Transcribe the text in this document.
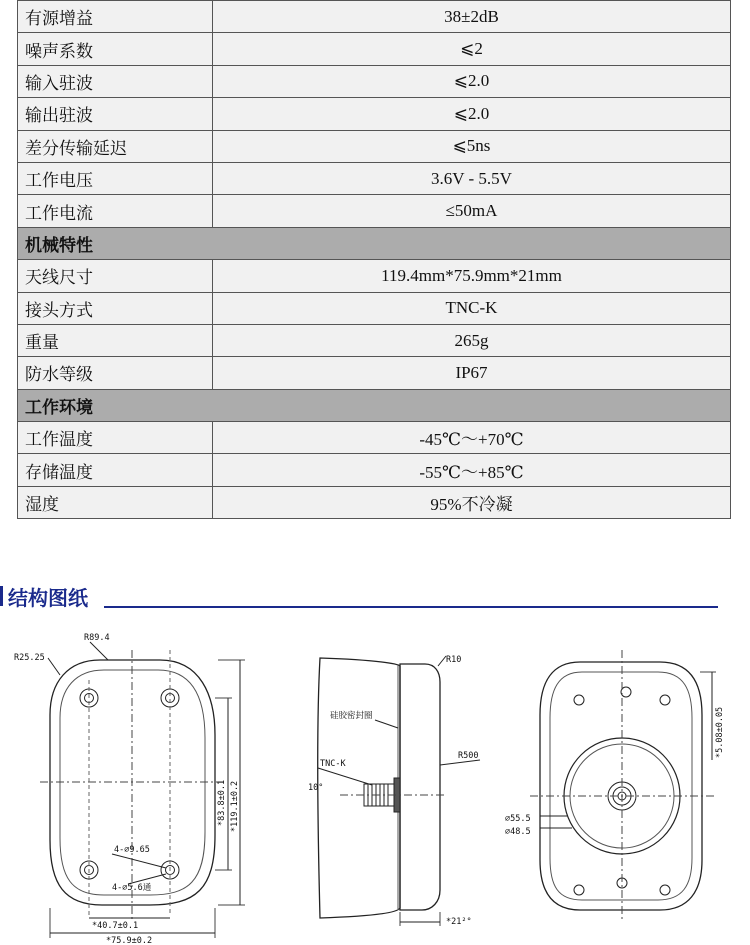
有源增益	38±2dB
噪声系数	⩽2
输入驻波	⩽2.0
输出驻波	⩽2.0
差分传输延迟	⩽5ns
工作电压	3.6V - 5.5V
工作电流	≤50mA
机械特性	
天线尺寸	119.4mm*75.9mm*21mm
接头方式	TNC-K
重量	265g
防水等级	IP67
工作环境	
工作温度	-45℃～+70℃
存储温度	-55℃～+85℃
湿度	95%不冷凝
结构图纸
R25.25
R89.4
4-⌀9.65
4-⌀5.6通
*40.7±0.1
*75.9±0.2
*83.8±0.1 *119.1±0.2
R10
硅胶密封圈
TNC-K
10°
R500
*21²°
⌀55.5
⌀48.5
*5.08±0.05
